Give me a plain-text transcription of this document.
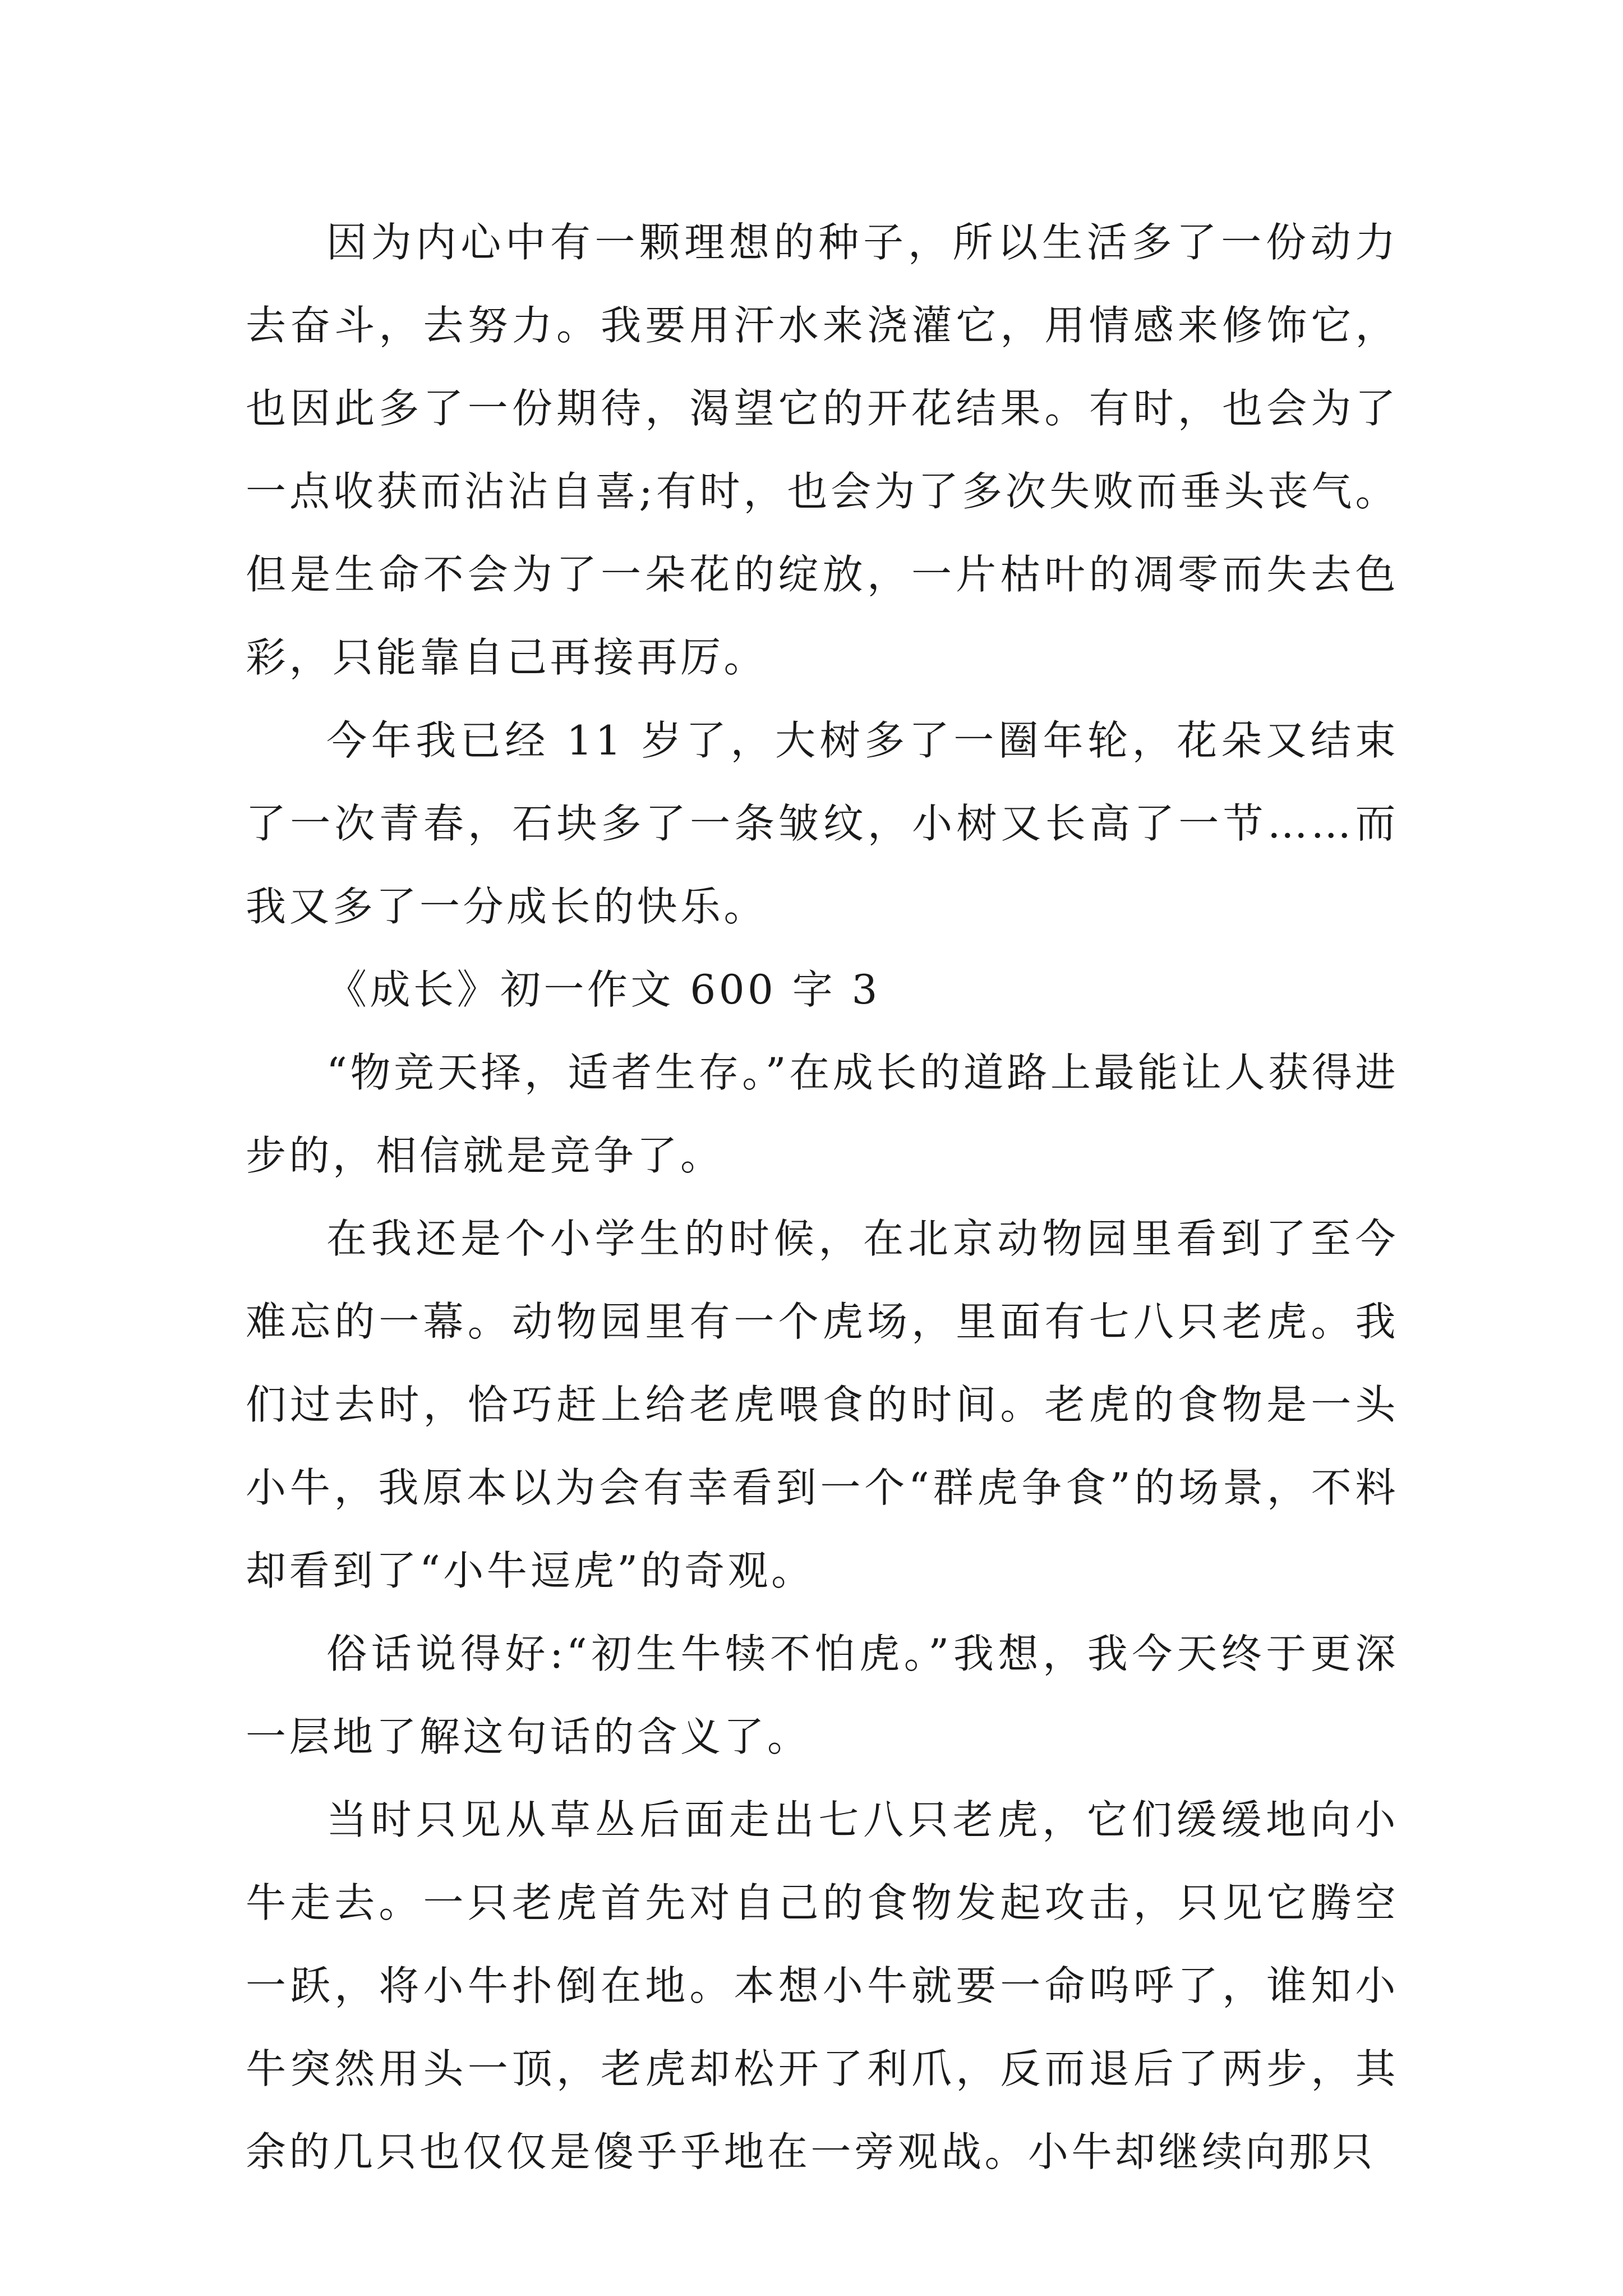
因为内心中有一颗理想的种子，所以生活多了一份动力去奋斗，去努力。我要用汗水来浇灌它，用情感来修饰它，也因此多了一份期待，渴望它的开花结果。有时，也会为了一点收获而沾沾自喜;有时，也会为了多次失败而垂头丧气。但是生命不会为了一朵花的绽放，一片枯叶的凋零而失去色彩，只能靠自己再接再厉。

今年我已经 11 岁了，大树多了一圈年轮，花朵又结束了一次青春，石块多了一条皱纹，小树又长高了一节……而我又多了一分成长的快乐。

《成长》初一作文 600 字 3

“物竞天择，适者生存。”在成长的道路上最能让人获得进步的，相信就是竞争了。

在我还是个小学生的时候，在北京动物园里看到了至今难忘的一幕。动物园里有一个虎场，里面有七八只老虎。我们过去时，恰巧赶上给老虎喂食的时间。老虎的食物是一头小牛，我原本以为会有幸看到一个“群虎争食”的场景，不料却看到了“小牛逗虎”的奇观。

俗话说得好:“初生牛犊不怕虎。”我想，我今天终于更深一层地了解这句话的含义了。

当时只见从草丛后面走出七八只老虎，它们缓缓地向小牛走去。一只老虎首先对自己的食物发起攻击，只见它腾空一跃，将小牛扑倒在地。本想小牛就要一命呜呼了，谁知小牛突然用头一顶，老虎却松开了利爪，反而退后了两步，其余的几只也仅仅是傻乎乎地在一旁观战。小牛却继续向那只
